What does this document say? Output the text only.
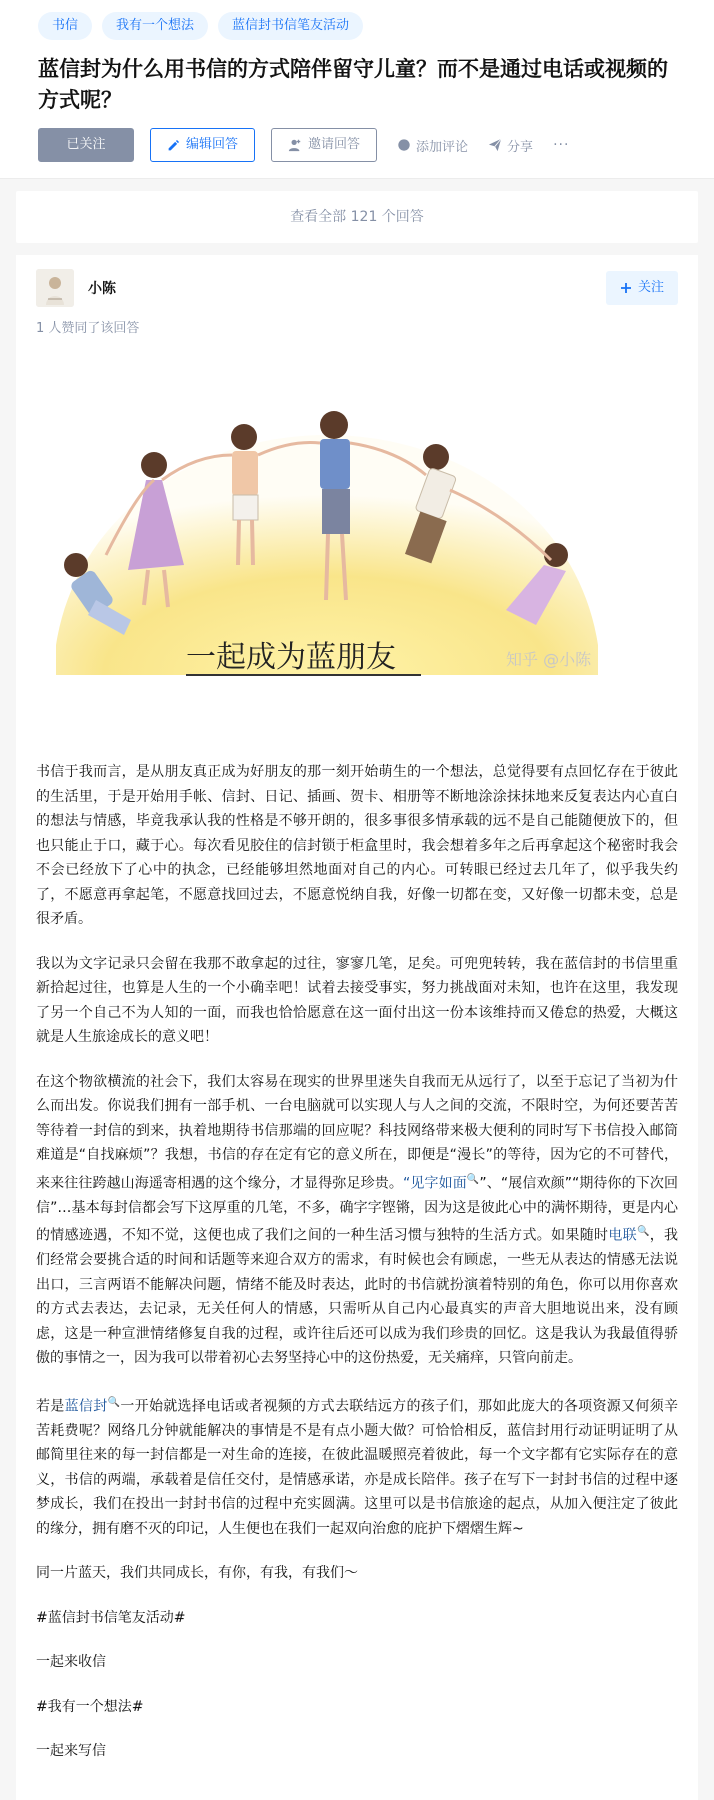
书信	我有一个想法	蓝信封书信笔友活动
蓝信封为什么用书信的方式陪伴留守儿童？而不是通过电话或视频的方式呢？
已关注	编辑回答	邀请回答	添加评论	分享 ···
查看全部 121 个回答
小陈	关注
1 人赞同了该回答
一起成为蓝朋友	知乎 @小陈

书信于我而言，是从朋友真正成为好朋友的那一刻开始萌生的一个想法，总觉得要有点回忆存在于彼此的生活里，于是开始用手帐、信封、日记、插画、贺卡、相册等不断地涂涂抹抹地来反复表达内心直白的想法与情感，毕竟我承认我的性格是不够开朗的，很多事很多情承载的远不是自己能随便放下的，但也只能止于口，藏于心。每次看见胶住的信封锁于柜盒里时，我会想着多年之后再拿起这个秘密时我会不会已经放下了心中的执念，已经能够坦然地面对自己的内心。可转眼已经过去几年了，似乎我失约了，不愿意再拿起笔，不愿意找回过去，不愿意悦纳自我，好像一切都在变，又好像一切都未变，总是很矛盾。

我以为文字记录只会留在我那不敢拿起的过往，寥寥几笔，足矣。可兜兜转转，我在蓝信封的书信里重新拾起过往，也算是人生的一个小确幸吧！试着去接受事实，努力挑战面对未知，也许在这里，我发现了另一个自己不为人知的一面，而我也恰恰愿意在这一面付出这一份本该维持而又倦怠的热爱，大概这就是人生旅途成长的意义吧！

在这个物欲横流的社会下，我们太容易在现实的世界里迷失自我而无从远行了，以至于忘记了当初为什么而出发。你说我们拥有一部手机、一台电脑就可以实现人与人之间的交流，不限时空，为何还要苦苦等待着一封信的到来，执着地期待书信那端的回应呢？科技网络带来极大便利的同时写下书信投入邮筒难道是“自找麻烦”？我想，书信的存在定有它的意义所在，即便是“漫长”的等待，因为它的不可替代，来来往往跨越山海遥寄相遇的这个缘分，才显得弥足珍贵。“见字如面🔍”、“展信欢颜”“期待你的下次回信”…基本每封信都会写下这厚重的几笔，不多，确字字铿锵，因为这是彼此心中的满怀期待，更是内心的情感迹遇，不知不觉，这便也成了我们之间的一种生活习惯与独特的生活方式。如果随时电联🔍，我们经常会要挑合适的时间和话题等来迎合双方的需求，有时候也会有顾虑，一些无从表达的情感无法说出口，三言两语不能解决问题，情绪不能及时表达，此时的书信就扮演着特别的角色，你可以用你喜欢的方式去表达，去记录，无关任何人的情感，只需听从自己内心最真实的声音大胆地说出来，没有顾虑，这是一种宣泄情绪修复自我的过程，或许往后还可以成为我们珍贵的回忆。这是我认为我最值得骄傲的事情之一，因为我可以带着初心去努坚持心中的这份热爱，无关痛痒，只管向前走。

若是蓝信封🔍一开始就选择电话或者视频的方式去联结远方的孩子们，那如此庞大的各项资源又何须辛苦耗费呢？网络几分钟就能解决的事情是不是有点小题大做？可恰恰相反，蓝信封用行动证明证明了从邮简里往来的每一封信都是一对生命的连接，在彼此温暖照亮着彼此，每一个文字都有它实际存在的意义，书信的两端，承载着是信任交付，是情感承诺，亦是成长陪伴。孩子在写下一封封书信的过程中逐梦成长，我们在投出一封封书信的过程中充实圆满。这里可以是书信旅途的起点，从加入便注定了彼此的缘分，拥有磨不灭的印记，人生便也在我们一起双向治愈的庇护下熠熠生辉~

同一片蓝天，我们共同成长，有你，有我，有我们～

#蓝信封书信笔友活动#

一起来收信

#我有一个想法#

一起来写信
